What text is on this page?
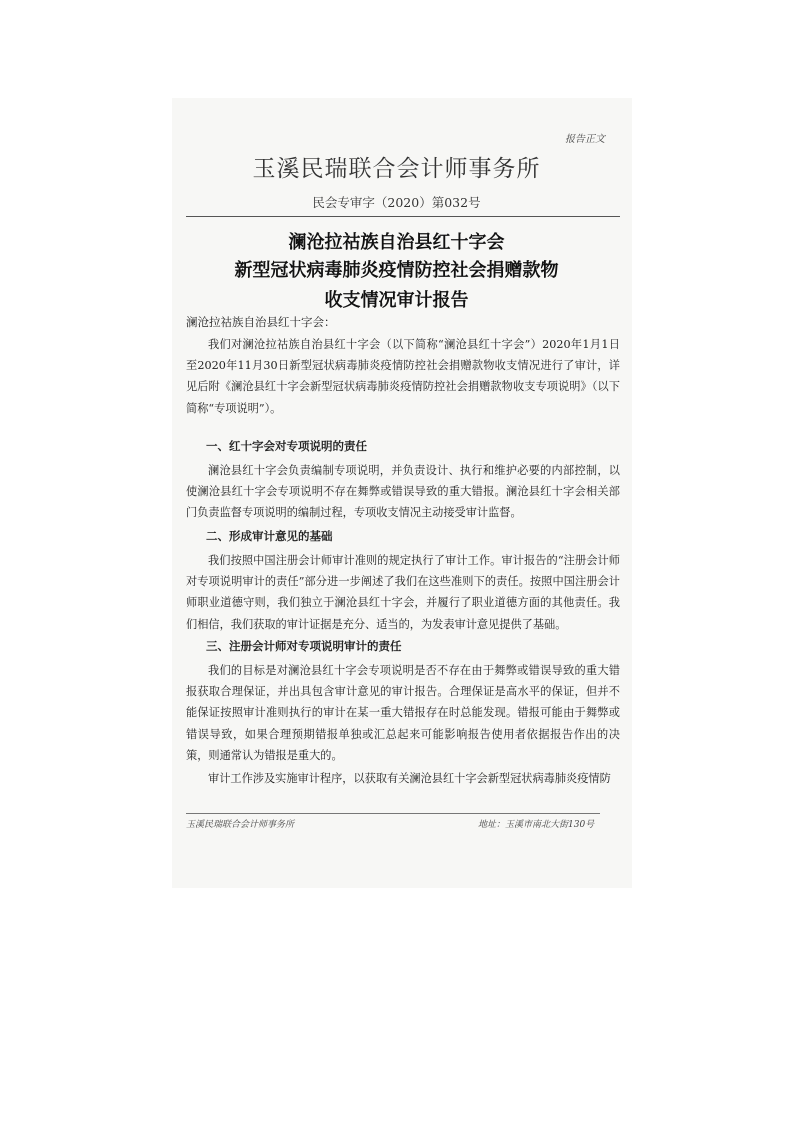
报告正文
玉溪民瑞联合会计师事务所
民会专审字（2020）第032号
澜沧拉祜族自治县红十字会
新型冠状病毒肺炎疫情防控社会捐赠款物
收支情况审计报告
澜沧拉祜族自治县红十字会：

我们对澜沧拉祜族自治县红十字会（以下简称“澜沧县红十字会”）2020年1月1日至2020年11月30日新型冠状病毒肺炎疫情防控社会捐赠款物收支情况进行了审计，详见后附《澜沧县红十字会新型冠状病毒肺炎疫情防控社会捐赠款物收支专项说明》（以下简称“专项说明”）。

一、红十字会对专项说明的责任

澜沧县红十字会负责编制专项说明，并负责设计、执行和维护必要的内部控制，以使澜沧县红十字会专项说明不存在舞弊或错误导致的重大错报。澜沧县红十字会相关部门负责监督专项说明的编制过程，专项收支情况主动接受审计监督。

二、形成审计意见的基础

我们按照中国注册会计师审计准则的规定执行了审计工作。审计报告的“注册会计师对专项说明审计的责任”部分进一步阐述了我们在这些准则下的责任。按照中国注册会计师职业道德守则，我们独立于澜沧县红十字会，并履行了职业道德方面的其他责任。我们相信，我们获取的审计证据是充分、适当的，为发表审计意见提供了基础。

三、注册会计师对专项说明审计的责任

我们的目标是对澜沧县红十字会专项说明是否不存在由于舞弊或错误导致的重大错报获取合理保证，并出具包含审计意见的审计报告。合理保证是高水平的保证，但并不能保证按照审计准则执行的审计在某一重大错报存在时总能发现。错报可能由于舞弊或错误导致，如果合理预期错报单独或汇总起来可能影响报告使用者依据报告作出的决策，则通常认为错报是重大的。

审计工作涉及实施审计程序，以获取有关澜沧县红十字会新型冠状病毒肺炎疫情防

玉溪民瑞联合会计师事务所	地址：玉溪市南北大街130号
